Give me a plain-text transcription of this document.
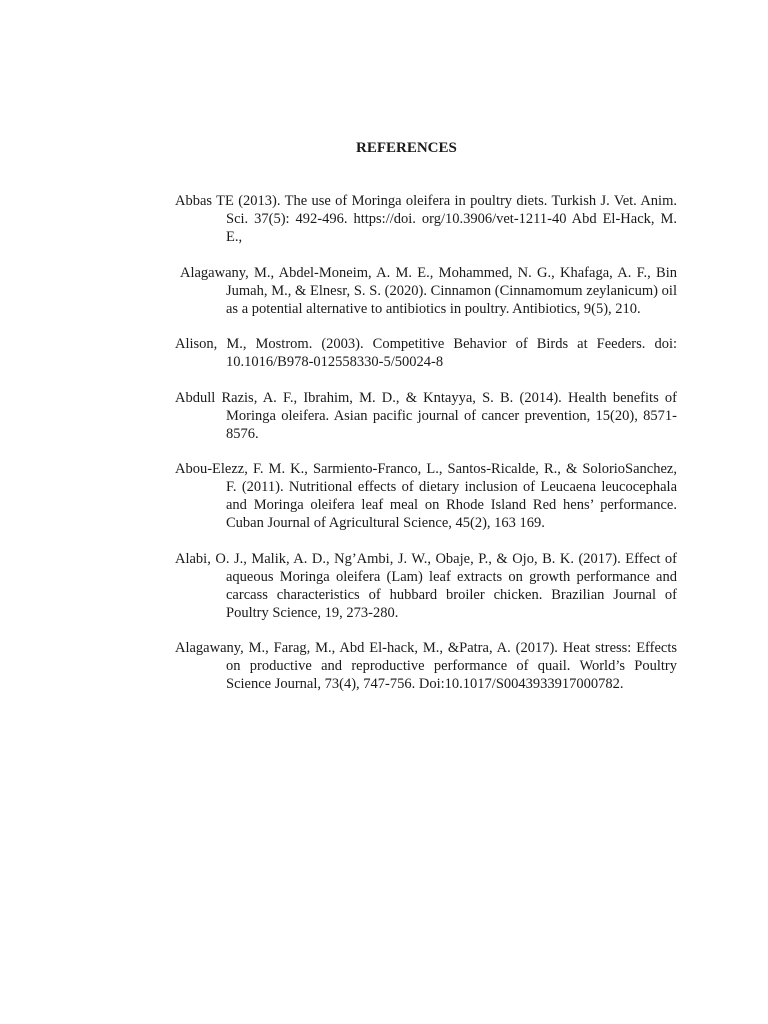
REFERENCES

Abbas TE (2013). The use of Moringa oleifera in poultry diets. Turkish J. Vet. Anim. Sci. 37(5): 492-496. https://doi. org/10.3906/vet-1211-40 Abd El-Hack, M. E.,

Alagawany, M., Abdel-Moneim, A. M. E., Mohammed, N. G., Khafaga, A. F., Bin Jumah, M., & Elnesr, S. S. (2020). Cinnamon (Cinnamomum zeylanicum) oil as a potential alternative to antibiotics in poultry. Antibiotics, 9(5), 210.

Alison, M., Mostrom. (2003). Competitive Behavior of Birds at Feeders. doi: 10.1016/B978-012558330-5/50024-8

Abdull Razis, A. F., Ibrahim, M. D., & Kntayya, S. B. (2014). Health benefits of Moringa oleifera. Asian pacific journal of cancer prevention, 15(20), 8571-8576.

Abou-Elezz, F. M. K., Sarmiento-Franco, L., Santos-Ricalde, R., & SolorioSanchez, F. (2011). Nutritional effects of dietary inclusion of Leucaena leucocephala and Moringa oleifera leaf meal on Rhode Island Red hens’ performance. Cuban Journal of Agricultural Science, 45(2), 163 169.

Alabi, O. J., Malik, A. D., Ng’Ambi, J. W., Obaje, P., & Ojo, B. K. (2017). Effect of aqueous Moringa oleifera (Lam) leaf extracts on growth performance and carcass characteristics of hubbard broiler chicken. Brazilian Journal of Poultry Science, 19, 273-280.

Alagawany, M., Farag, M., Abd El-hack, M., &Patra, A. (2017). Heat stress: Effects on productive and reproductive performance of quail. World’s Poultry Science Journal, 73(4), 747-756. Doi:10.1017/S0043933917000782.
